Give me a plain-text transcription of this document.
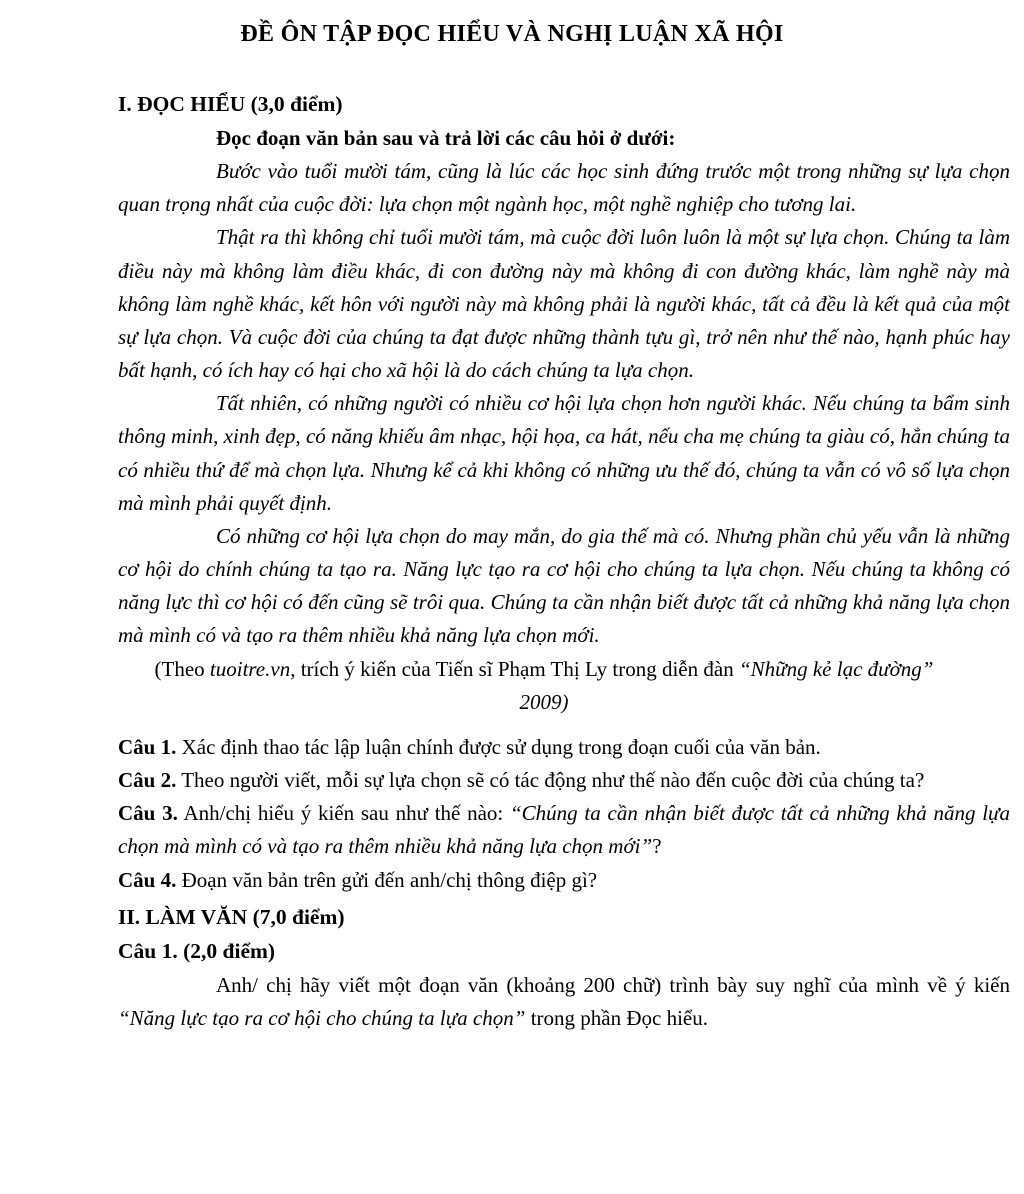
ĐỀ ÔN TẬP ĐỌC HIỂU VÀ NGHỊ LUẬN XÃ HỘI
I. ĐỌC HIỂU (3,0 điểm)

Đọc đoạn văn bản sau và trả lời các câu hỏi ở dưới:

Bước vào tuổi mười tám, cũng là lúc các học sinh đứng trước một trong những sự lựa chọn quan trọng nhất của cuộc đời: lựa chọn một ngành học, một nghề nghiệp cho tương lai.

Thật ra thì không chỉ tuổi mười tám, mà cuộc đời luôn luôn là một sự lựa chọn. Chúng ta làm điều này mà không làm điều khác, đi con đường này mà không đi con đường khác, làm nghề này mà không làm nghề khác, kết hôn với người này mà không phải là người khác, tất cả đều là kết quả của một sự lựa chọn. Và cuộc đời của chúng ta đạt được những thành tựu gì, trở nên như thế nào, hạnh phúc hay bất hạnh, có ích hay có hại cho xã hội là do cách chúng ta lựa chọn.

Tất nhiên, có những người có nhiều cơ hội lựa chọn hơn người khác. Nếu chúng ta bẩm sinh thông minh, xinh đẹp, có năng khiếu âm nhạc, hội họa, ca hát, nếu cha mẹ chúng ta giàu có, hẳn chúng ta có nhiều thứ để mà chọn lựa. Nhưng kể cả khi không có những ưu thế đó, chúng ta vẫn có vô số lựa chọn mà mình phải quyết định.

Có những cơ hội lựa chọn do may mắn, do gia thế mà có. Nhưng phần chủ yếu vẫn là những cơ hội do chính chúng ta tạo ra. Năng lực tạo ra cơ hội cho chúng ta lựa chọn. Nếu chúng ta không có năng lực thì cơ hội có đến cũng sẽ trôi qua. Chúng ta cần nhận biết được tất cả những khả năng lựa chọn mà mình có và tạo ra thêm nhiều khả năng lựa chọn mới.

(Theo tuoitre.vn, trích ý kiến của Tiến sĩ Phạm Thị Ly trong diễn đàn “Những kẻ lạc đường”

2009)

Câu 1. Xác định thao tác lập luận chính được sử dụng trong đoạn cuối của văn bản.

Câu 2. Theo người viết, mỗi sự lựa chọn sẽ có tác động như thế nào đến cuộc đời của chúng ta?

Câu 3. Anh/chị hiểu ý kiến sau như thế nào: “Chúng ta cần nhận biết được tất cả những khả năng lựa chọn mà mình có và tạo ra thêm nhiều khả năng lựa chọn mới”?

Câu 4. Đoạn văn bản trên gửi đến anh/chị thông điệp gì?

II. LÀM VĂN (7,0 điểm)
Câu 1. (2,0 điểm)

Anh/ chị hãy viết một đoạn văn (khoảng 200 chữ) trình bày suy nghĩ của mình về ý kiến “Năng lực tạo ra cơ hội cho chúng ta lựa chọn” trong phần Đọc hiểu.
